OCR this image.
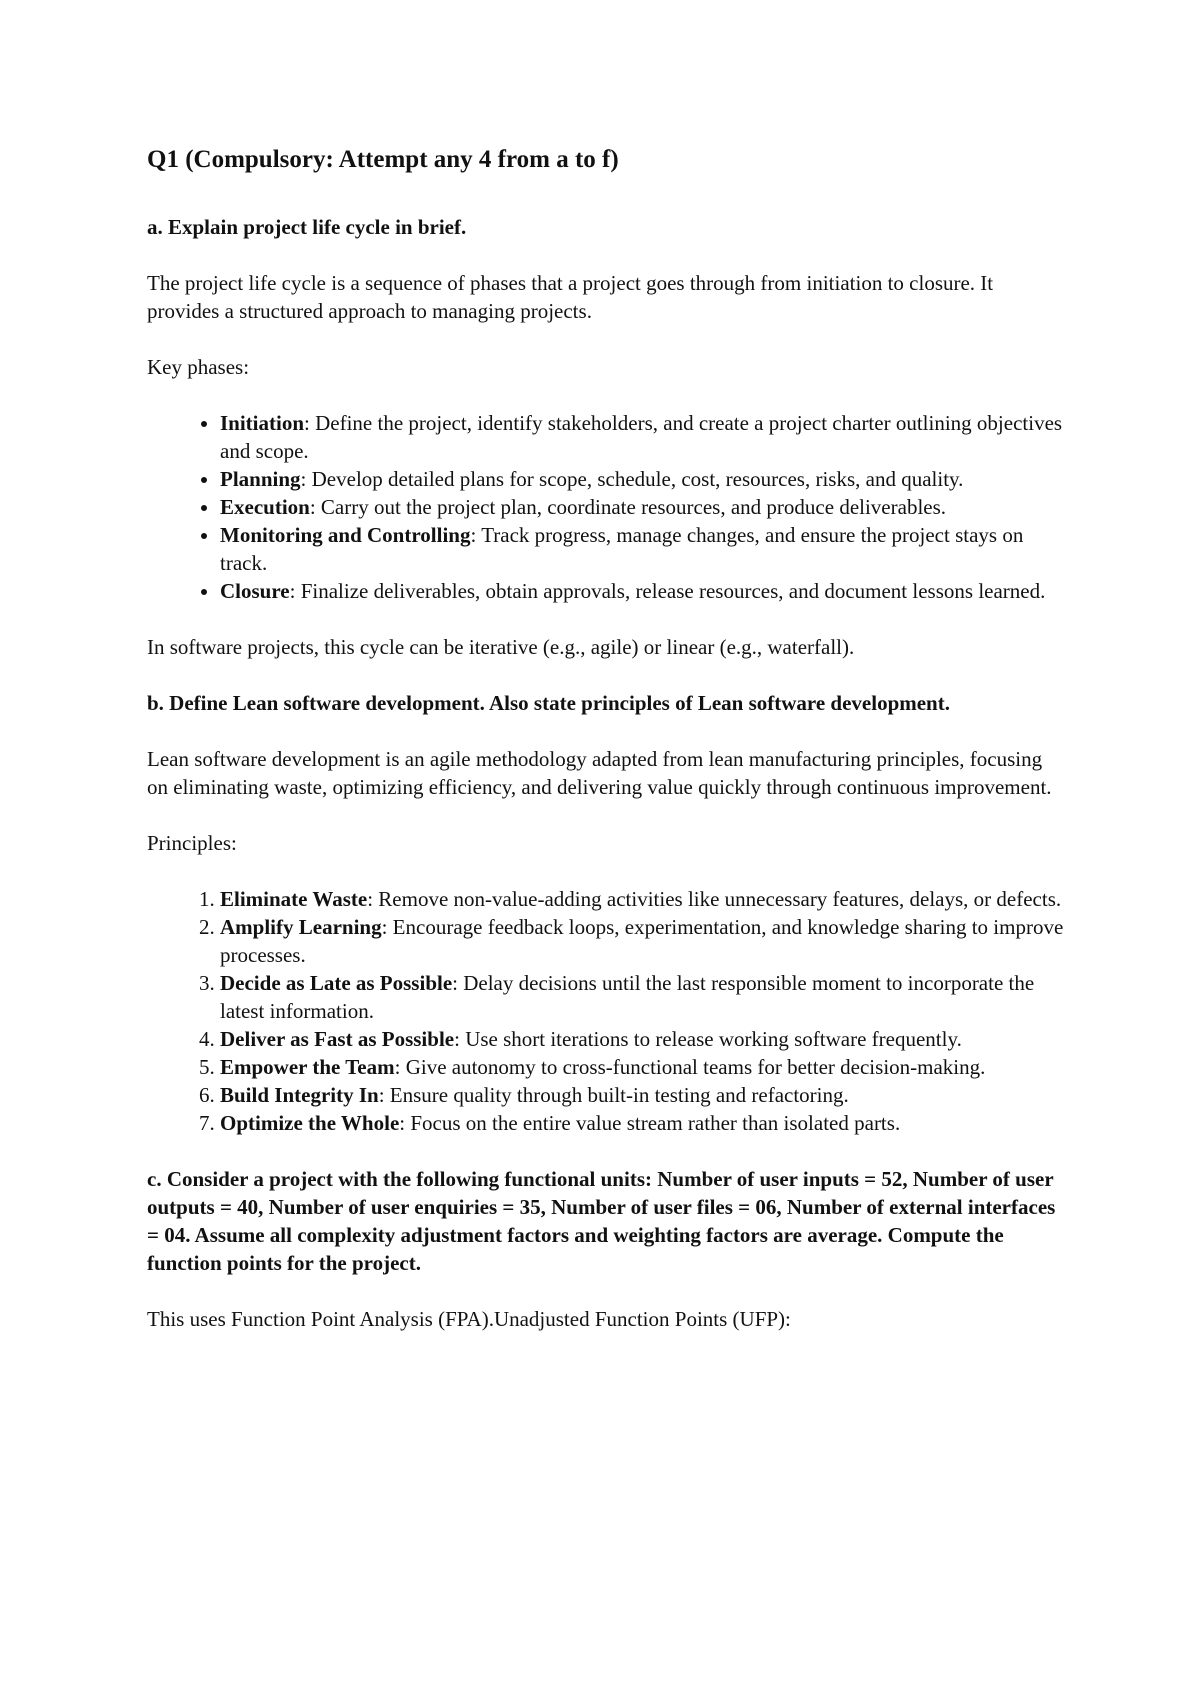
Q1 (Compulsory: Attempt any 4 from a to f)

a. Explain project life cycle in brief.

The project life cycle is a sequence of phases that a project goes through from initiation to closure. It provides a structured approach to managing projects.

Key phases:

• Initiation: Define the project, identify stakeholders, and create a project charter outlining objectives and scope.
• Planning: Develop detailed plans for scope, schedule, cost, resources, risks, and quality.
• Execution: Carry out the project plan, coordinate resources, and produce deliverables.
• Monitoring and Controlling: Track progress, manage changes, and ensure the project stays on track.
• Closure: Finalize deliverables, obtain approvals, release resources, and document lessons learned.

In software projects, this cycle can be iterative (e.g., agile) or linear (e.g., waterfall).

b. Define Lean software development. Also state principles of Lean software development.

Lean software development is an agile methodology adapted from lean manufacturing principles, focusing on eliminating waste, optimizing efficiency, and delivering value quickly through continuous improvement.

Principles:

1. Eliminate Waste: Remove non-value-adding activities like unnecessary features, delays, or defects.
2. Amplify Learning: Encourage feedback loops, experimentation, and knowledge sharing to improve processes.
3. Decide as Late as Possible: Delay decisions until the last responsible moment to incorporate the latest information.
4. Deliver as Fast as Possible: Use short iterations to release working software frequently.
5. Empower the Team: Give autonomy to cross-functional teams for better decision-making.
6. Build Integrity In: Ensure quality through built-in testing and refactoring.
7. Optimize the Whole: Focus on the entire value stream rather than isolated parts.

c. Consider a project with the following functional units: Number of user inputs = 52, Number of user outputs = 40, Number of user enquiries = 35, Number of user files = 06, Number of external interfaces = 04. Assume all complexity adjustment factors and weighting factors are average. Compute the function points for the project.

This uses Function Point Analysis (FPA).Unadjusted Function Points (UFP):
